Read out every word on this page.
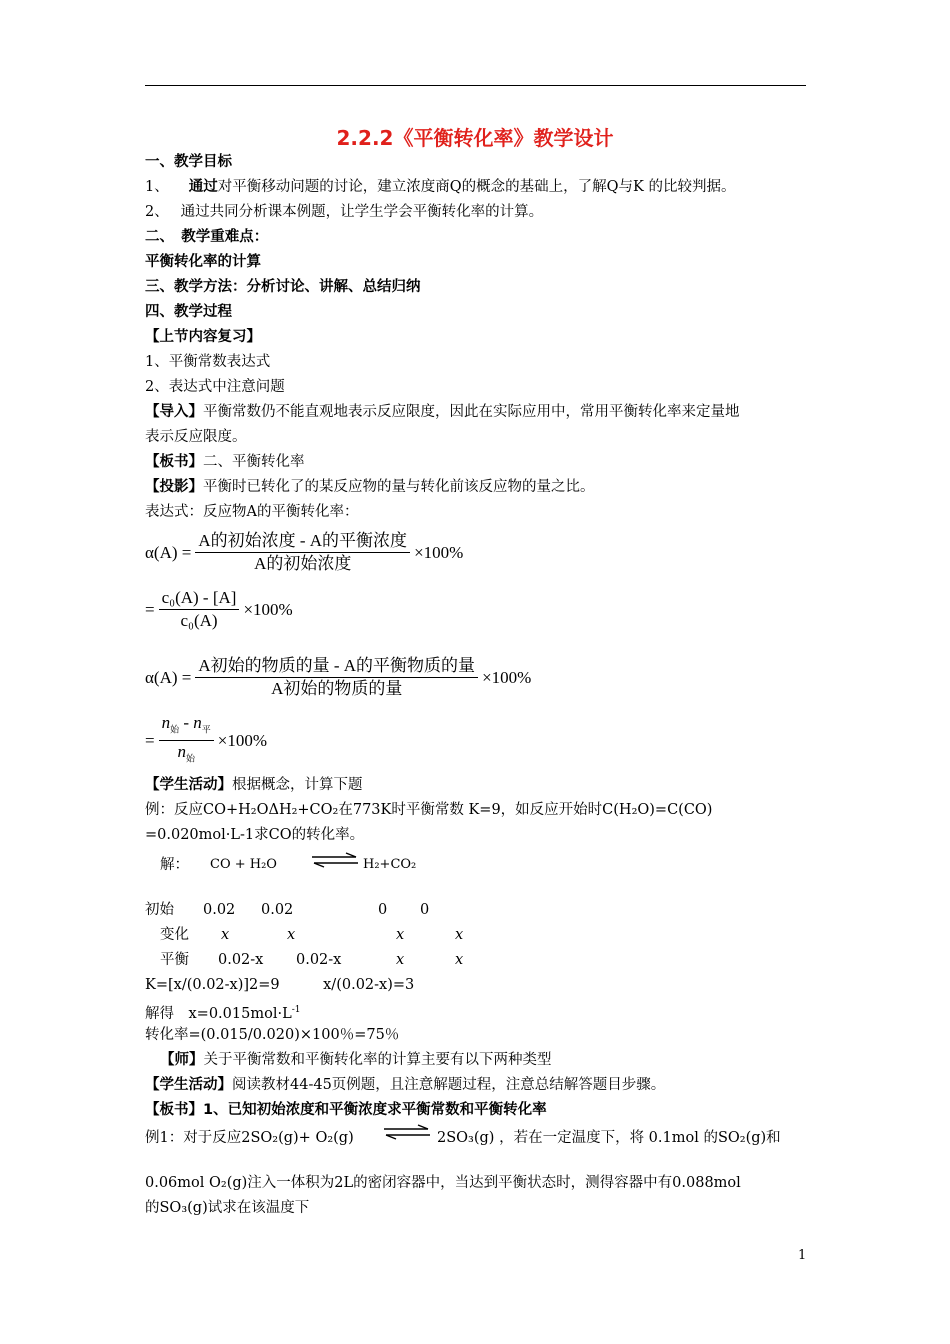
2.2.2《平衡转化率》教学设计
一、教学目标
1、 通过对平衡移动问题的讨论，建立浓度商Q的概念的基础上，了解Q与K 的比较判据。
2、　 通过共同分析课本例题，让学生学会平衡转化率的计算。
二、　教学重难点：
平衡转化率的计算
三、教学方法：分析讨论、讲解、总结归纳
四、教学过程
【上节内容复习】
1、平衡常数表达式
2、表达式中注意问题
【导入】平衡常数仍不能直观地表示反应限度，因此在实际应用中，常用平衡转化率来定量地
表示反应限度。
【板书】二、平衡转化率
【投影】平衡时已转化了的某反应物的量与转化前该反应物的量之比。
表达式：反应物A的平衡转化率：
$\alpha(A) = \frac{\text{A的初始浓度 - A的平衡浓度}}{\text{A的初始浓度}} \times 100\%$
= $\frac{\text{c₀(A) - [A]}}{\text{c₀(A)}} \times 100\%$
$\alpha(A) = \frac{\text{A初始的物质的量 - A的平衡物质的量}}{\text{A初始的物质的量}} \times 100\%$
= $\frac{n_始 - n_平}{n_始} \times 100\%$
【学生活动】根据概念，计算下题
例：反应CO+H₂OΔH₂+CO₂在773K时平衡常数 K=9，如反应开始时C(H₂O)=C(CO)
=0.020mol·L-1求CO的转化率。
解： CO + H₂O ⇌ H₂+CO₂
初始 0.02 0.02	0 0
变化 x	x	x	x
平衡 0.02-x 0.02-x	x	x
K=[x/(0.02-x)]2=9　　　x/(0.02-x)=3
解得　$x=0.015mol\cdot L^{-1}$
转化率=(0.015/0.020)×100％=75％
【师】关于平衡常数和平衡转化率的计算主要有以下两种类型
【学生活动】阅读教材44-45页例题，且注意解题过程，注意总结解答题目步骤。
【板书】1、已知初始浓度和平衡浓度求平衡常数和平衡转化率
例1：对于反应2SO₂(g)+ O₂(g) ⇌ 2SO₃(g) ，若在一定温度下，将 0.1mol 的SO₂(g)和
0.06mol O₂(g)注入一体积为2L的密闭容器中，当达到平衡状态时，测得容器中有0.088mol
的SO₃(g)试求在该温度下
1
